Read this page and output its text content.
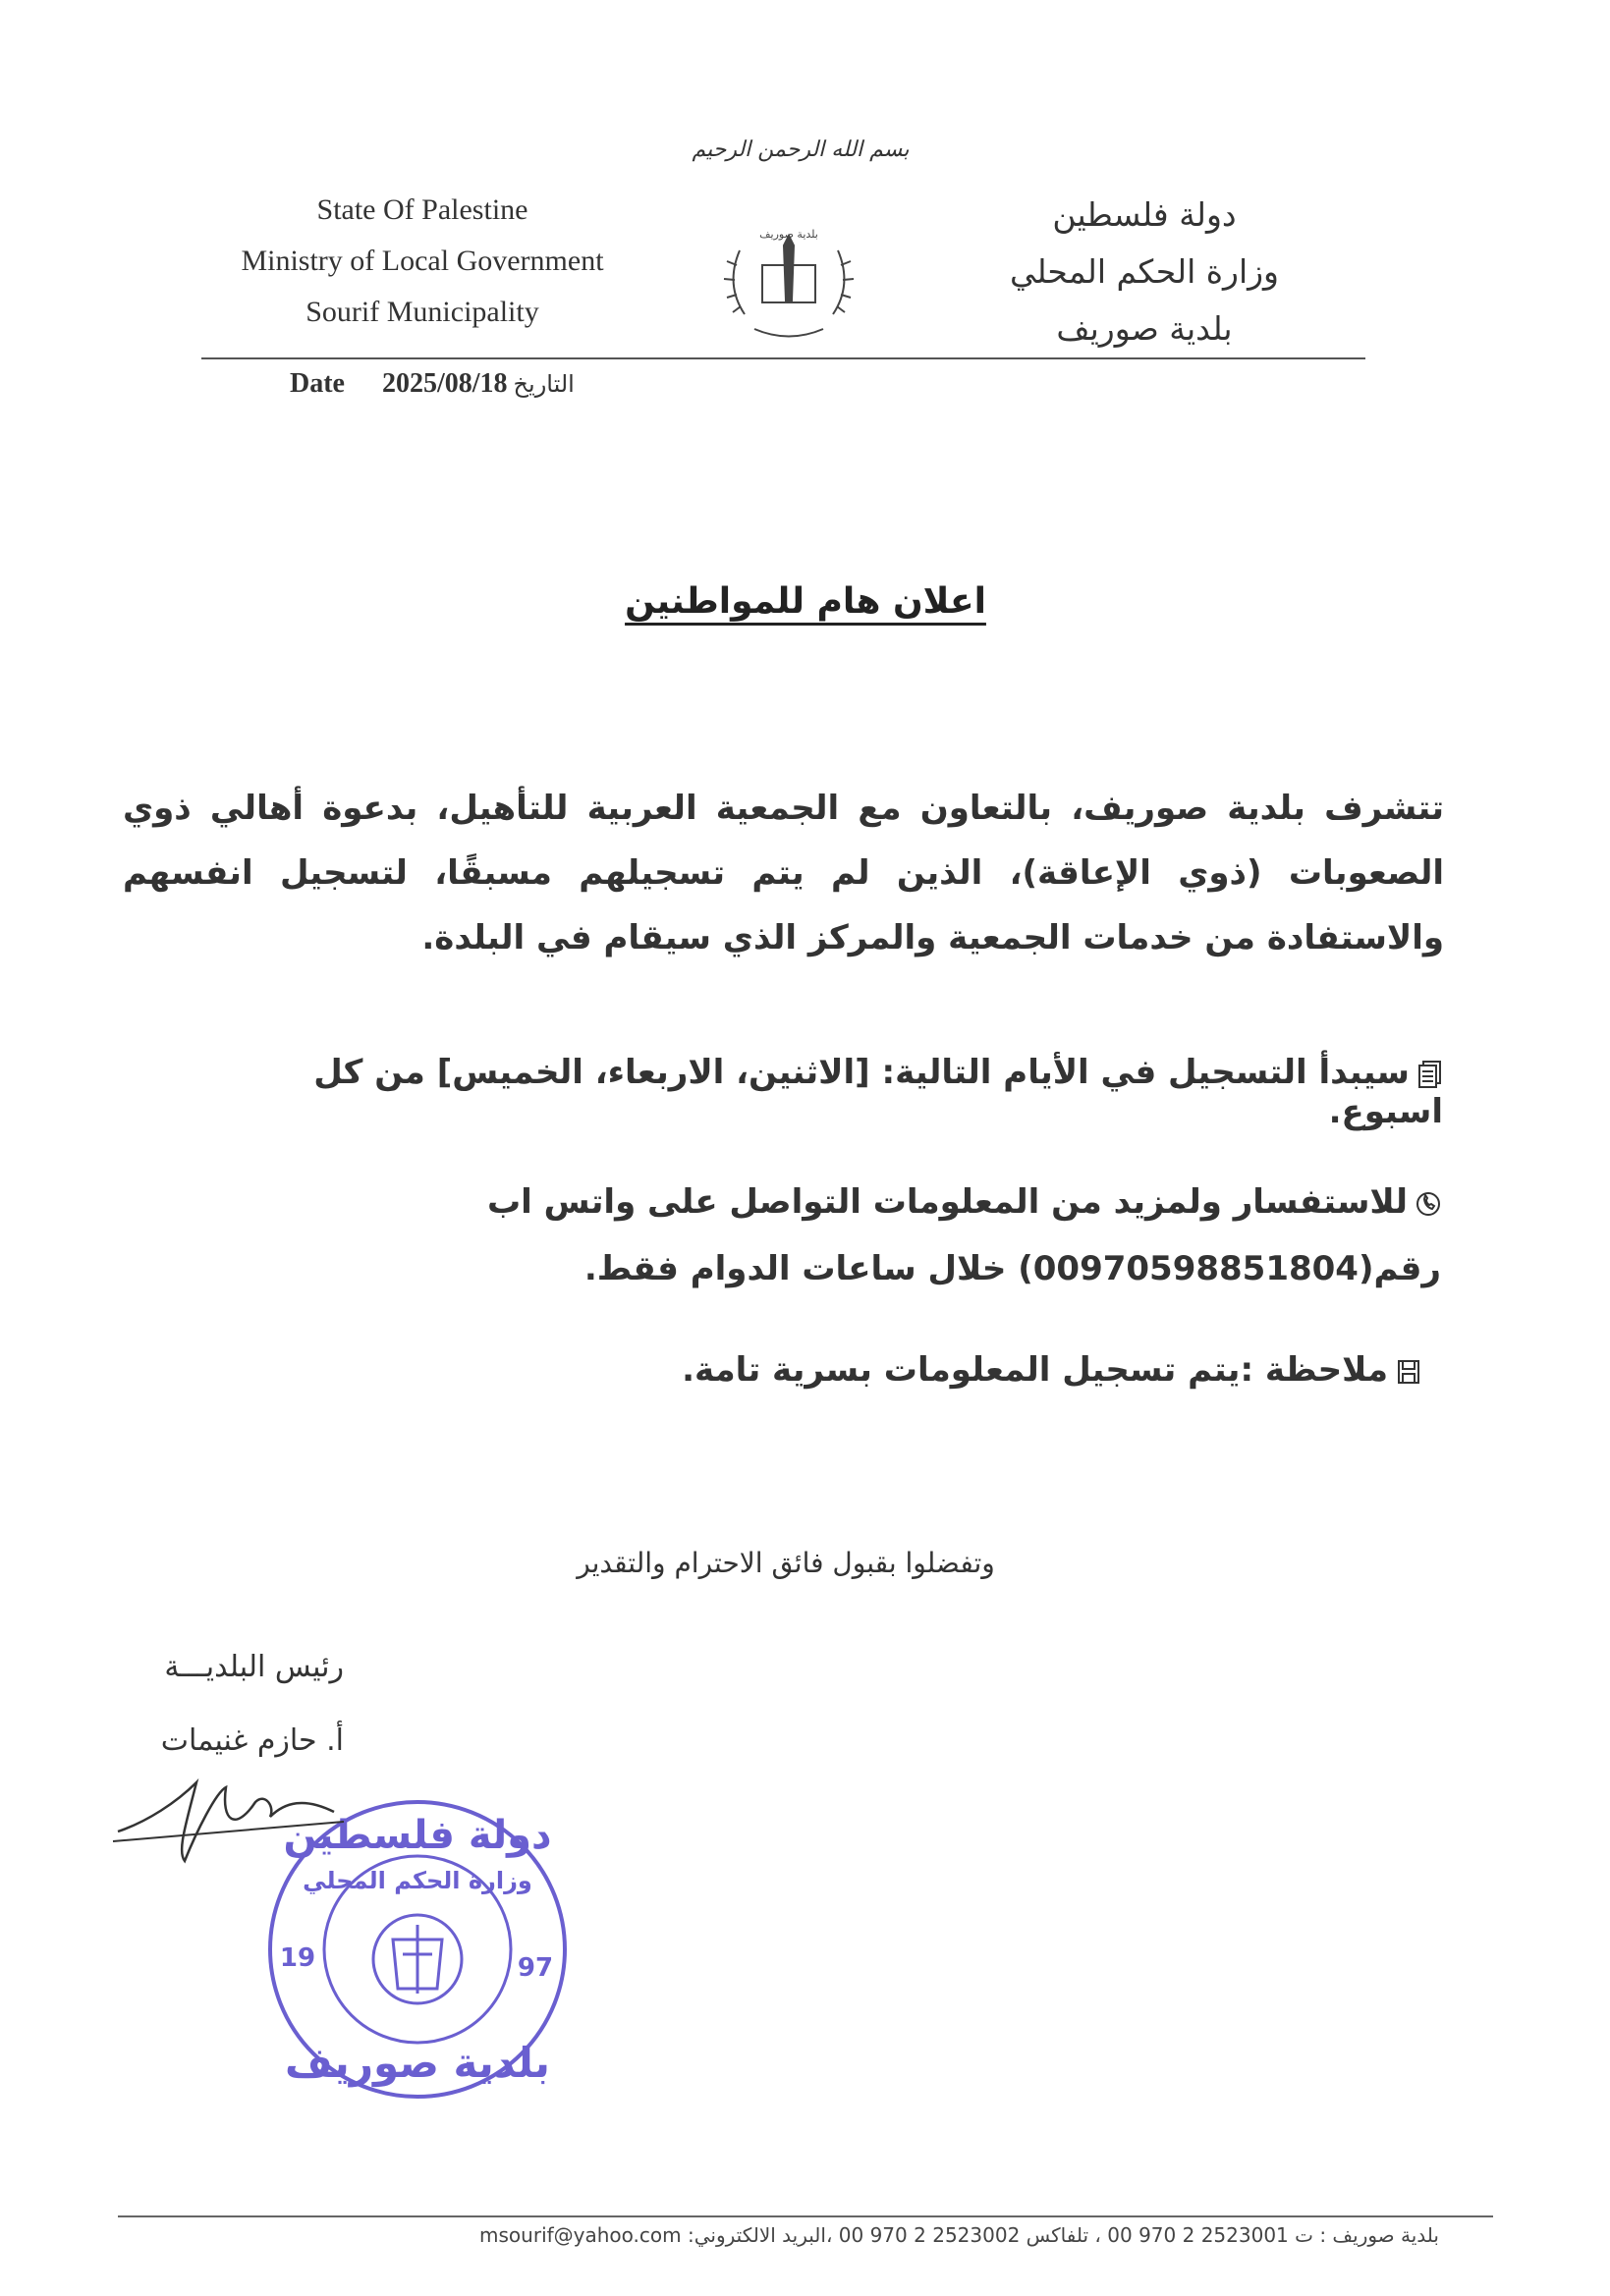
بسم الله الرحمن الرحيم
State Of Palestine
Ministry of Local Government
Sourif Municipality
بلدية صوريف
دولة فلسطين
وزارة الحكم المحلي
بلدية صوريف
Date 2025/08/18 التاريخ
اعلان هام للمواطنين
تتشرف بلدية صوريف، بالتعاون مع الجمعية العربية للتأهيل، بدعوة أهالي ذوي الصعوبات (ذوي الإعاقة)، الذين لم يتم تسجيلهم مسبقًا، لتسجيل انفسهم والاستفادة من خدمات الجمعية والمركز الذي سيقام في البلدة.
سيبدأ التسجيل في الأيام التالية: [الاثنين، الاربعاء، الخميس] من كل اسبوع.
للاستفسار ولمزيد من المعلومات التواصل على واتس اب رقم(00970598851804) خلال ساعات الدوام فقط.
ملاحظة :يتم تسجيل المعلومات بسرية تامة.
وتفضلوا بقبول فائق الاحترام والتقدير
رئيس البلديـــة
أ. حازم غنيمات
دولة فلسطين
وزارة الحكم المحلي
19	97
بلدية صوريف
بلدية صوريف : ت 2523001 2 970 00 ، تلفاكس 2523002 2 970 00 ،البريد الالكتروني: msourif@yahoo.com
